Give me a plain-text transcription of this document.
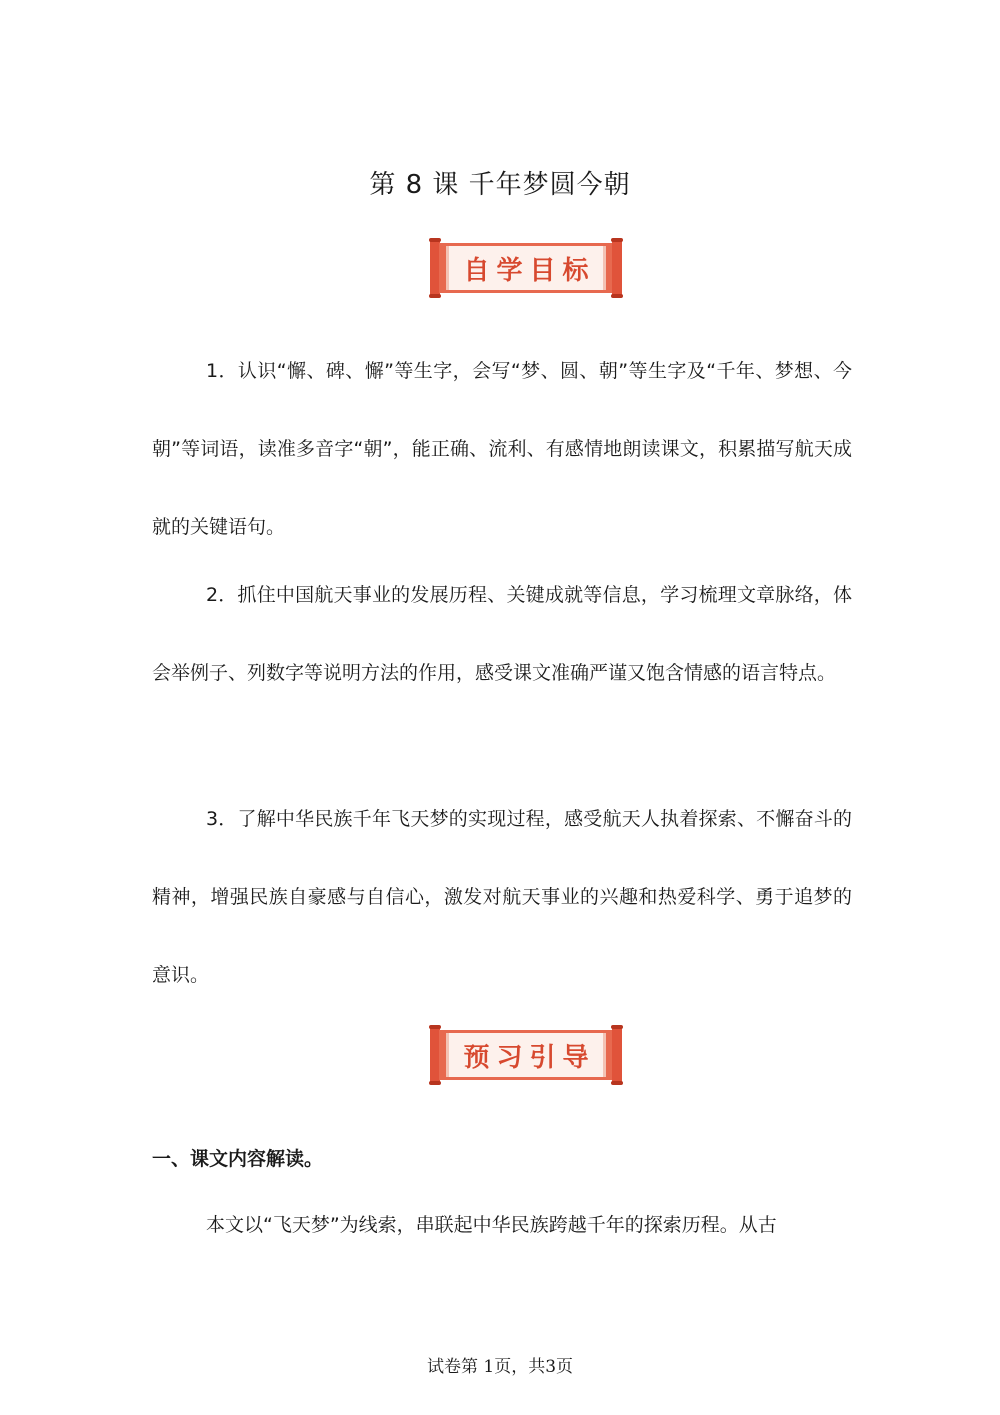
第 8 课 千年梦圆今朝
自学目标

1．认识“懈、碑、懈”等生字，会写“梦、圆、朝”等生字及“千年、梦想、今朝”等词语，读准多音字“朝”，能正确、流利、有感情地朗读课文，积累描写航天成就的关键语句。

2．抓住中国航天事业的发展历程、关键成就等信息，学习梳理文章脉络，体会举例子、列数字等说明方法的作用，感受课文准确严谨又饱含情感的语言特点。

3．了解中华民族千年飞天梦的实现过程，感受航天人执着探索、不懈奋斗的精神，增强民族自豪感与自信心，激发对航天事业的兴趣和热爱科学、勇于追梦的意识。

预习引导
一、课文内容解读。

本文以“飞天梦”为线索，串联起中华民族跨越千年的探索历程。从古

试卷第 1页，共3页
